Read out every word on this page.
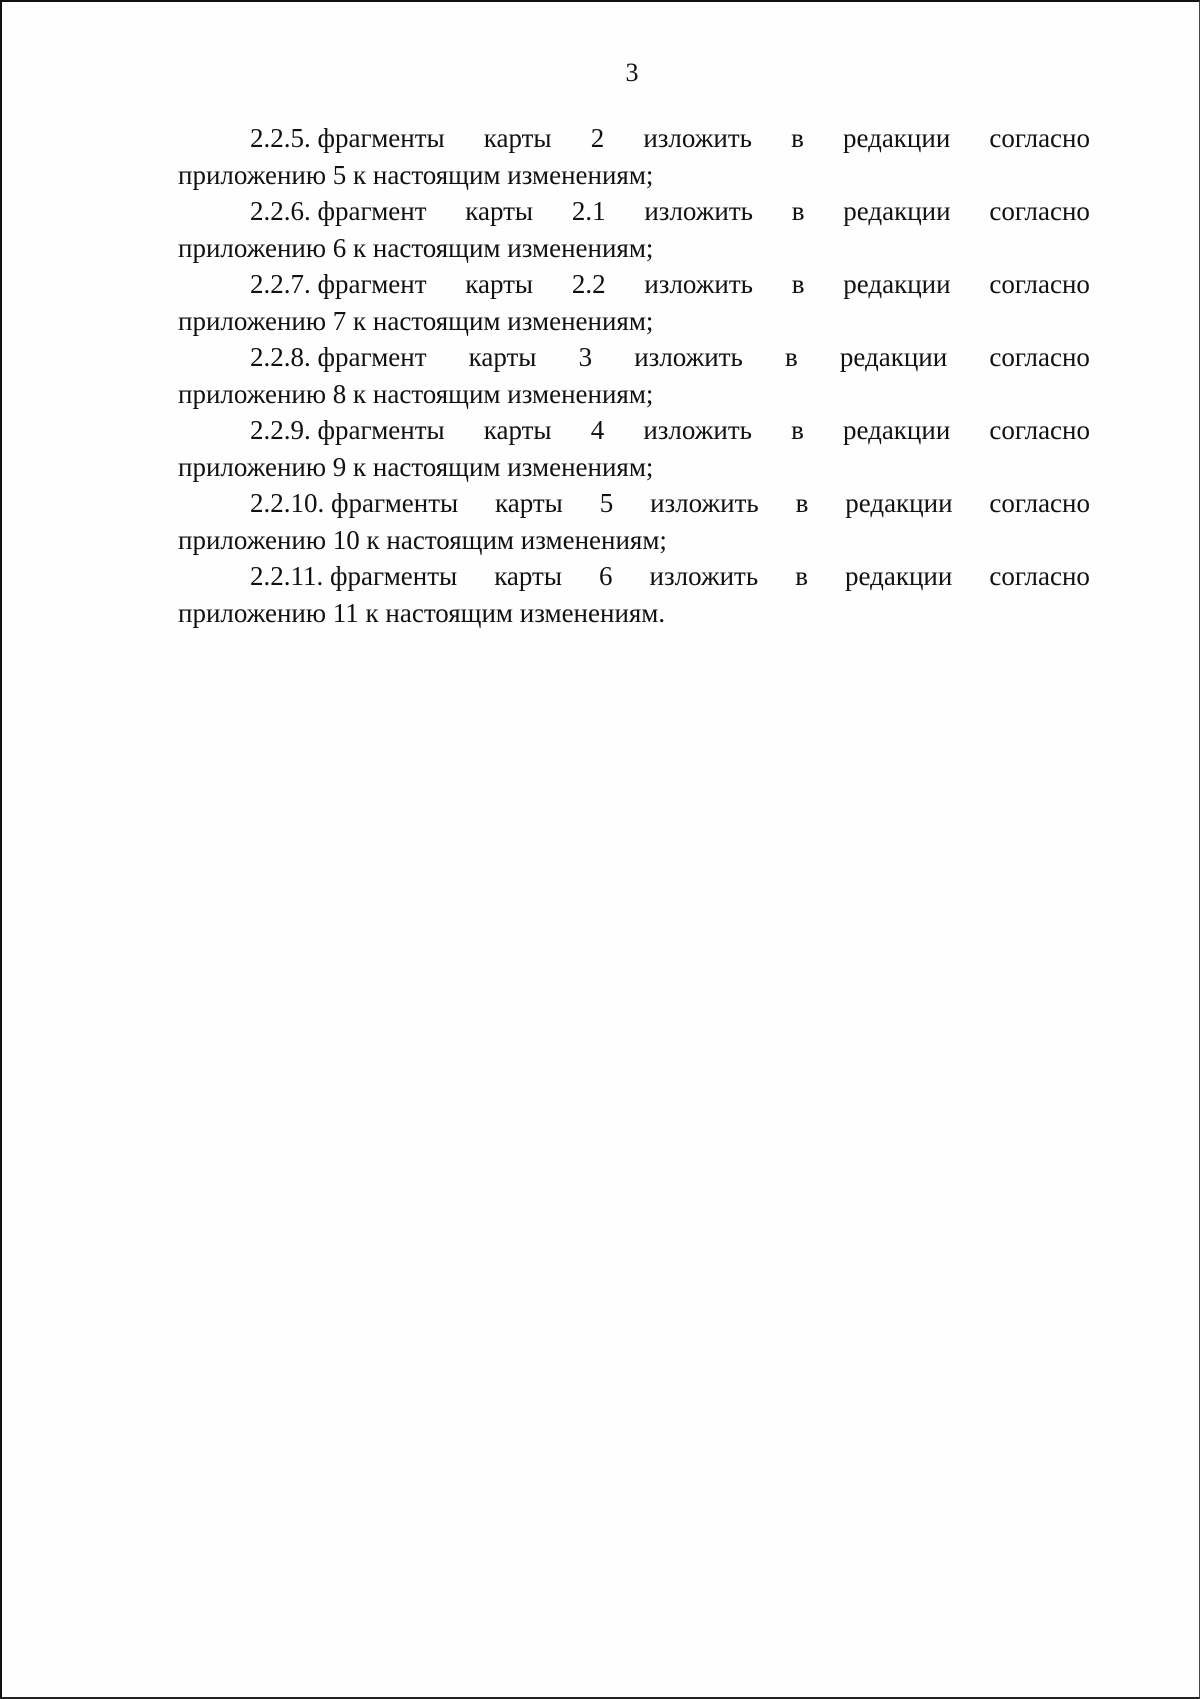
3
2.2.5. фрагменты карты 2 изложить в редакции согласно
приложению 5 к настоящим изменениям;
2.2.6. фрагмент карты 2.1 изложить в редакции согласно
приложению 6 к настоящим изменениям;
2.2.7. фрагмент карты 2.2 изложить в редакции согласно
приложению 7 к настоящим изменениям;
2.2.8. фрагмент карты 3 изложить в редакции согласно
приложению 8 к настоящим изменениям;
2.2.9. фрагменты карты 4 изложить в редакции согласно
приложению 9 к настоящим изменениям;
2.2.10. фрагменты карты 5 изложить в редакции согласно
приложению 10 к настоящим изменениям;
2.2.11. фрагменты карты 6 изложить в редакции согласно
приложению 11 к настоящим изменениям.
